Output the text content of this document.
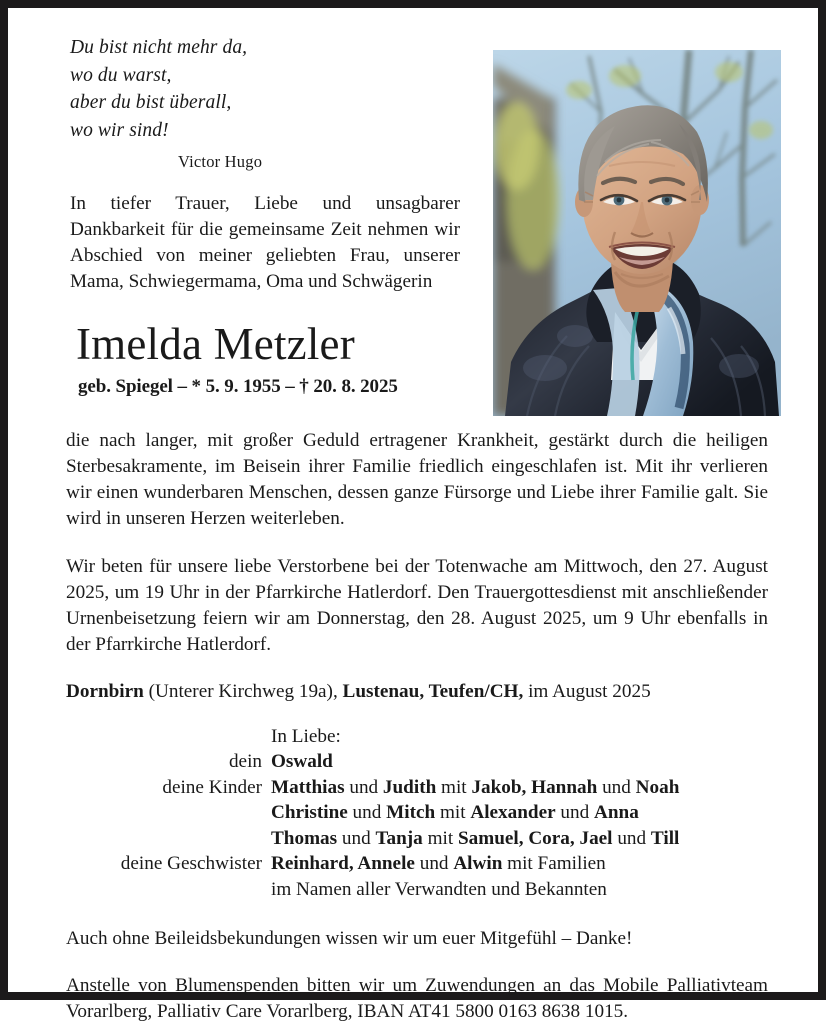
Du bist nicht mehr da,
wo du warst,
aber du bist überall,
wo wir sind!
Victor Hugo
In tiefer Trauer, Liebe und unsagbarer Dankbarkeit für die gemeinsame Zeit nehmen wir Abschied von meiner geliebten Frau, unserer Mama, Schwiegermama, Oma und Schwägerin
Imelda Metzler
geb. Spiegel – * 5. 9. 1955 – † 20. 8. 2025
die nach langer, mit großer Geduld ertragener Krankheit, gestärkt durch die heiligen Sterbesakramente, im Beisein ihrer Familie friedlich eingeschlafen ist. Mit ihr verlieren wir einen wunderbaren Menschen, dessen ganze Fürsorge und Liebe ihrer Familie galt. Sie wird in unseren Herzen weiterleben.
Wir beten für unsere liebe Verstorbene bei der Totenwache am Mittwoch, den 27. August 2025, um 19 Uhr in der Pfarrkirche Hatlerdorf. Den Trauergottesdienst mit anschließender Urnenbeisetzung feiern wir am Donnerstag, den 28. August 2025, um 9 Uhr ebenfalls in der Pfarrkirche Hatlerdorf.
Dornbirn (Unterer Kirchweg 19a), Lustenau, Teufen/CH, im August 2025
	In Liebe:
dein	Oswald
deine Kinder	Matthias und Judith mit Jakob, Hannah und Noah
	Christine und Mitch mit Alexander und Anna
	Thomas und Tanja mit Samuel, Cora, Jael und Till
deine Geschwister	Reinhard, Annele und Alwin mit Familien
	im Namen aller Verwandten und Bekannten
Auch ohne Beileidsbekundungen wissen wir um euer Mitgefühl – Danke!
Anstelle von Blumenspenden bitten wir um Zuwendungen an das Mobile Palliativteam Vorarlberg, Palliativ Care Vorarlberg, IBAN AT41 5800 0163 8638 1015.
